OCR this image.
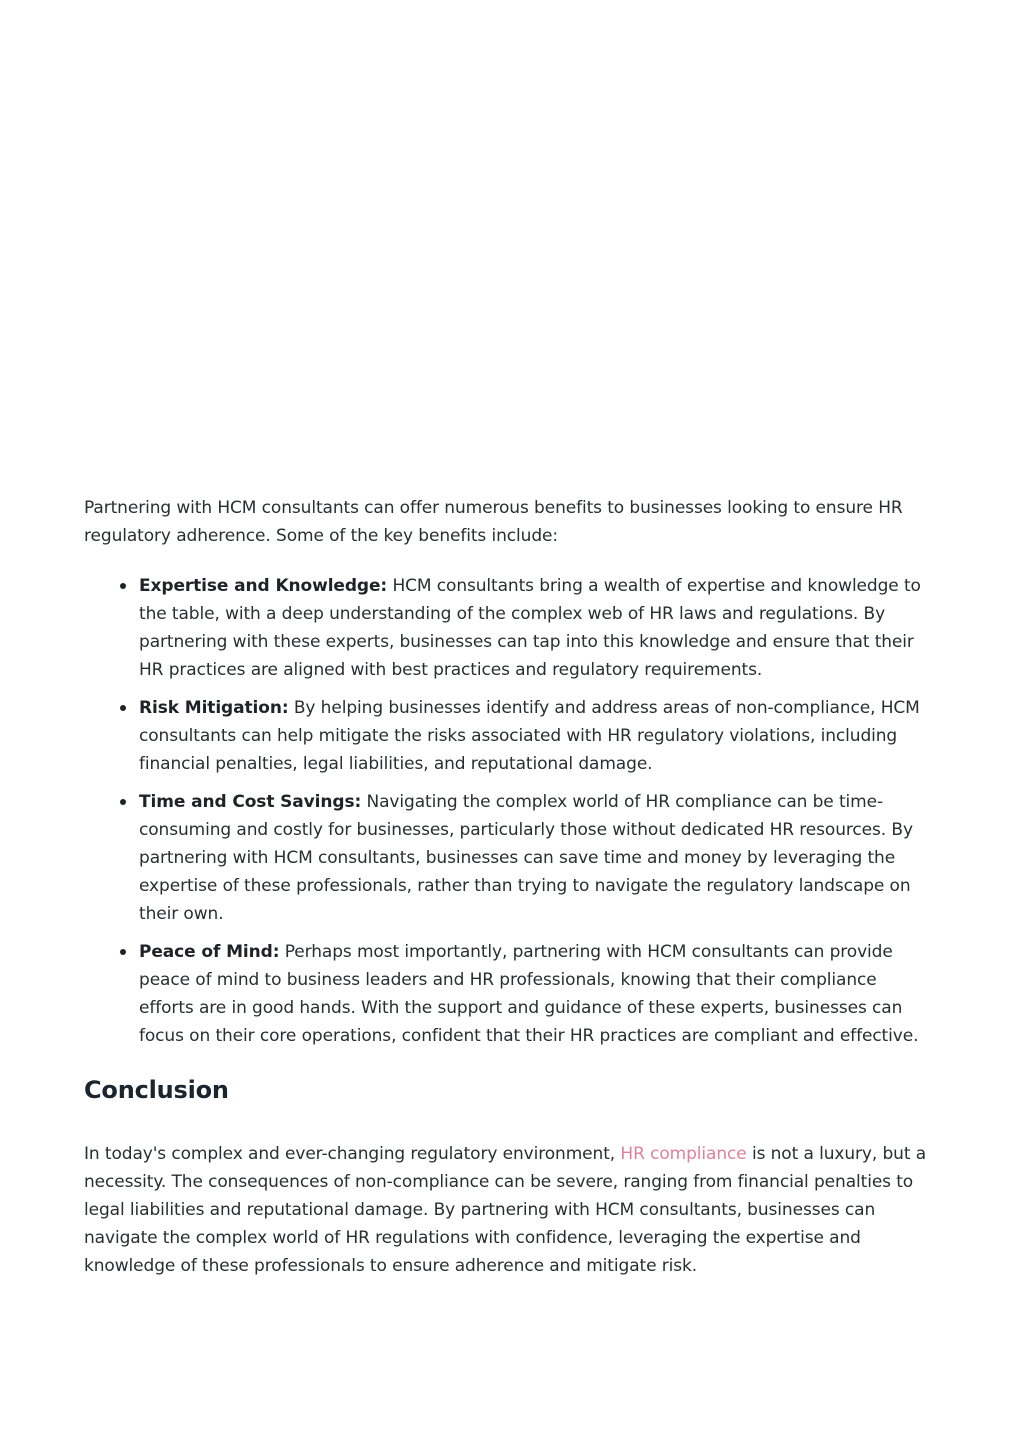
Partnering with HCM consultants can offer numerous benefits to businesses looking to ensure HR regulatory adherence. Some of the key benefits include:

Expertise and Knowledge: HCM consultants bring a wealth of expertise and knowledge to the table, with a deep understanding of the complex web of HR laws and regulations. By partnering with these experts, businesses can tap into this knowledge and ensure that their HR practices are aligned with best practices and regulatory requirements.
Risk Mitigation: By helping businesses identify and address areas of non-compliance, HCM consultants can help mitigate the risks associated with HR regulatory violations, including financial penalties, legal liabilities, and reputational damage.
Time and Cost Savings: Navigating the complex world of HR compliance can be time-consuming and costly for businesses, particularly those without dedicated HR resources. By partnering with HCM consultants, businesses can save time and money by leveraging the expertise of these professionals, rather than trying to navigate the regulatory landscape on their own.
Peace of Mind: Perhaps most importantly, partnering with HCM consultants can provide peace of mind to business leaders and HR professionals, knowing that their compliance efforts are in good hands. With the support and guidance of these experts, businesses can focus on their core operations, confident that their HR practices are compliant and effective.
Conclusion

In today's complex and ever-changing regulatory environment, HR compliance is not a luxury, but a necessity. The consequences of non-compliance can be severe, ranging from financial penalties to legal liabilities and reputational damage. By partnering with HCM consultants, businesses can navigate the complex world of HR regulations with confidence, leveraging the expertise and knowledge of these professionals to ensure adherence and mitigate risk.
